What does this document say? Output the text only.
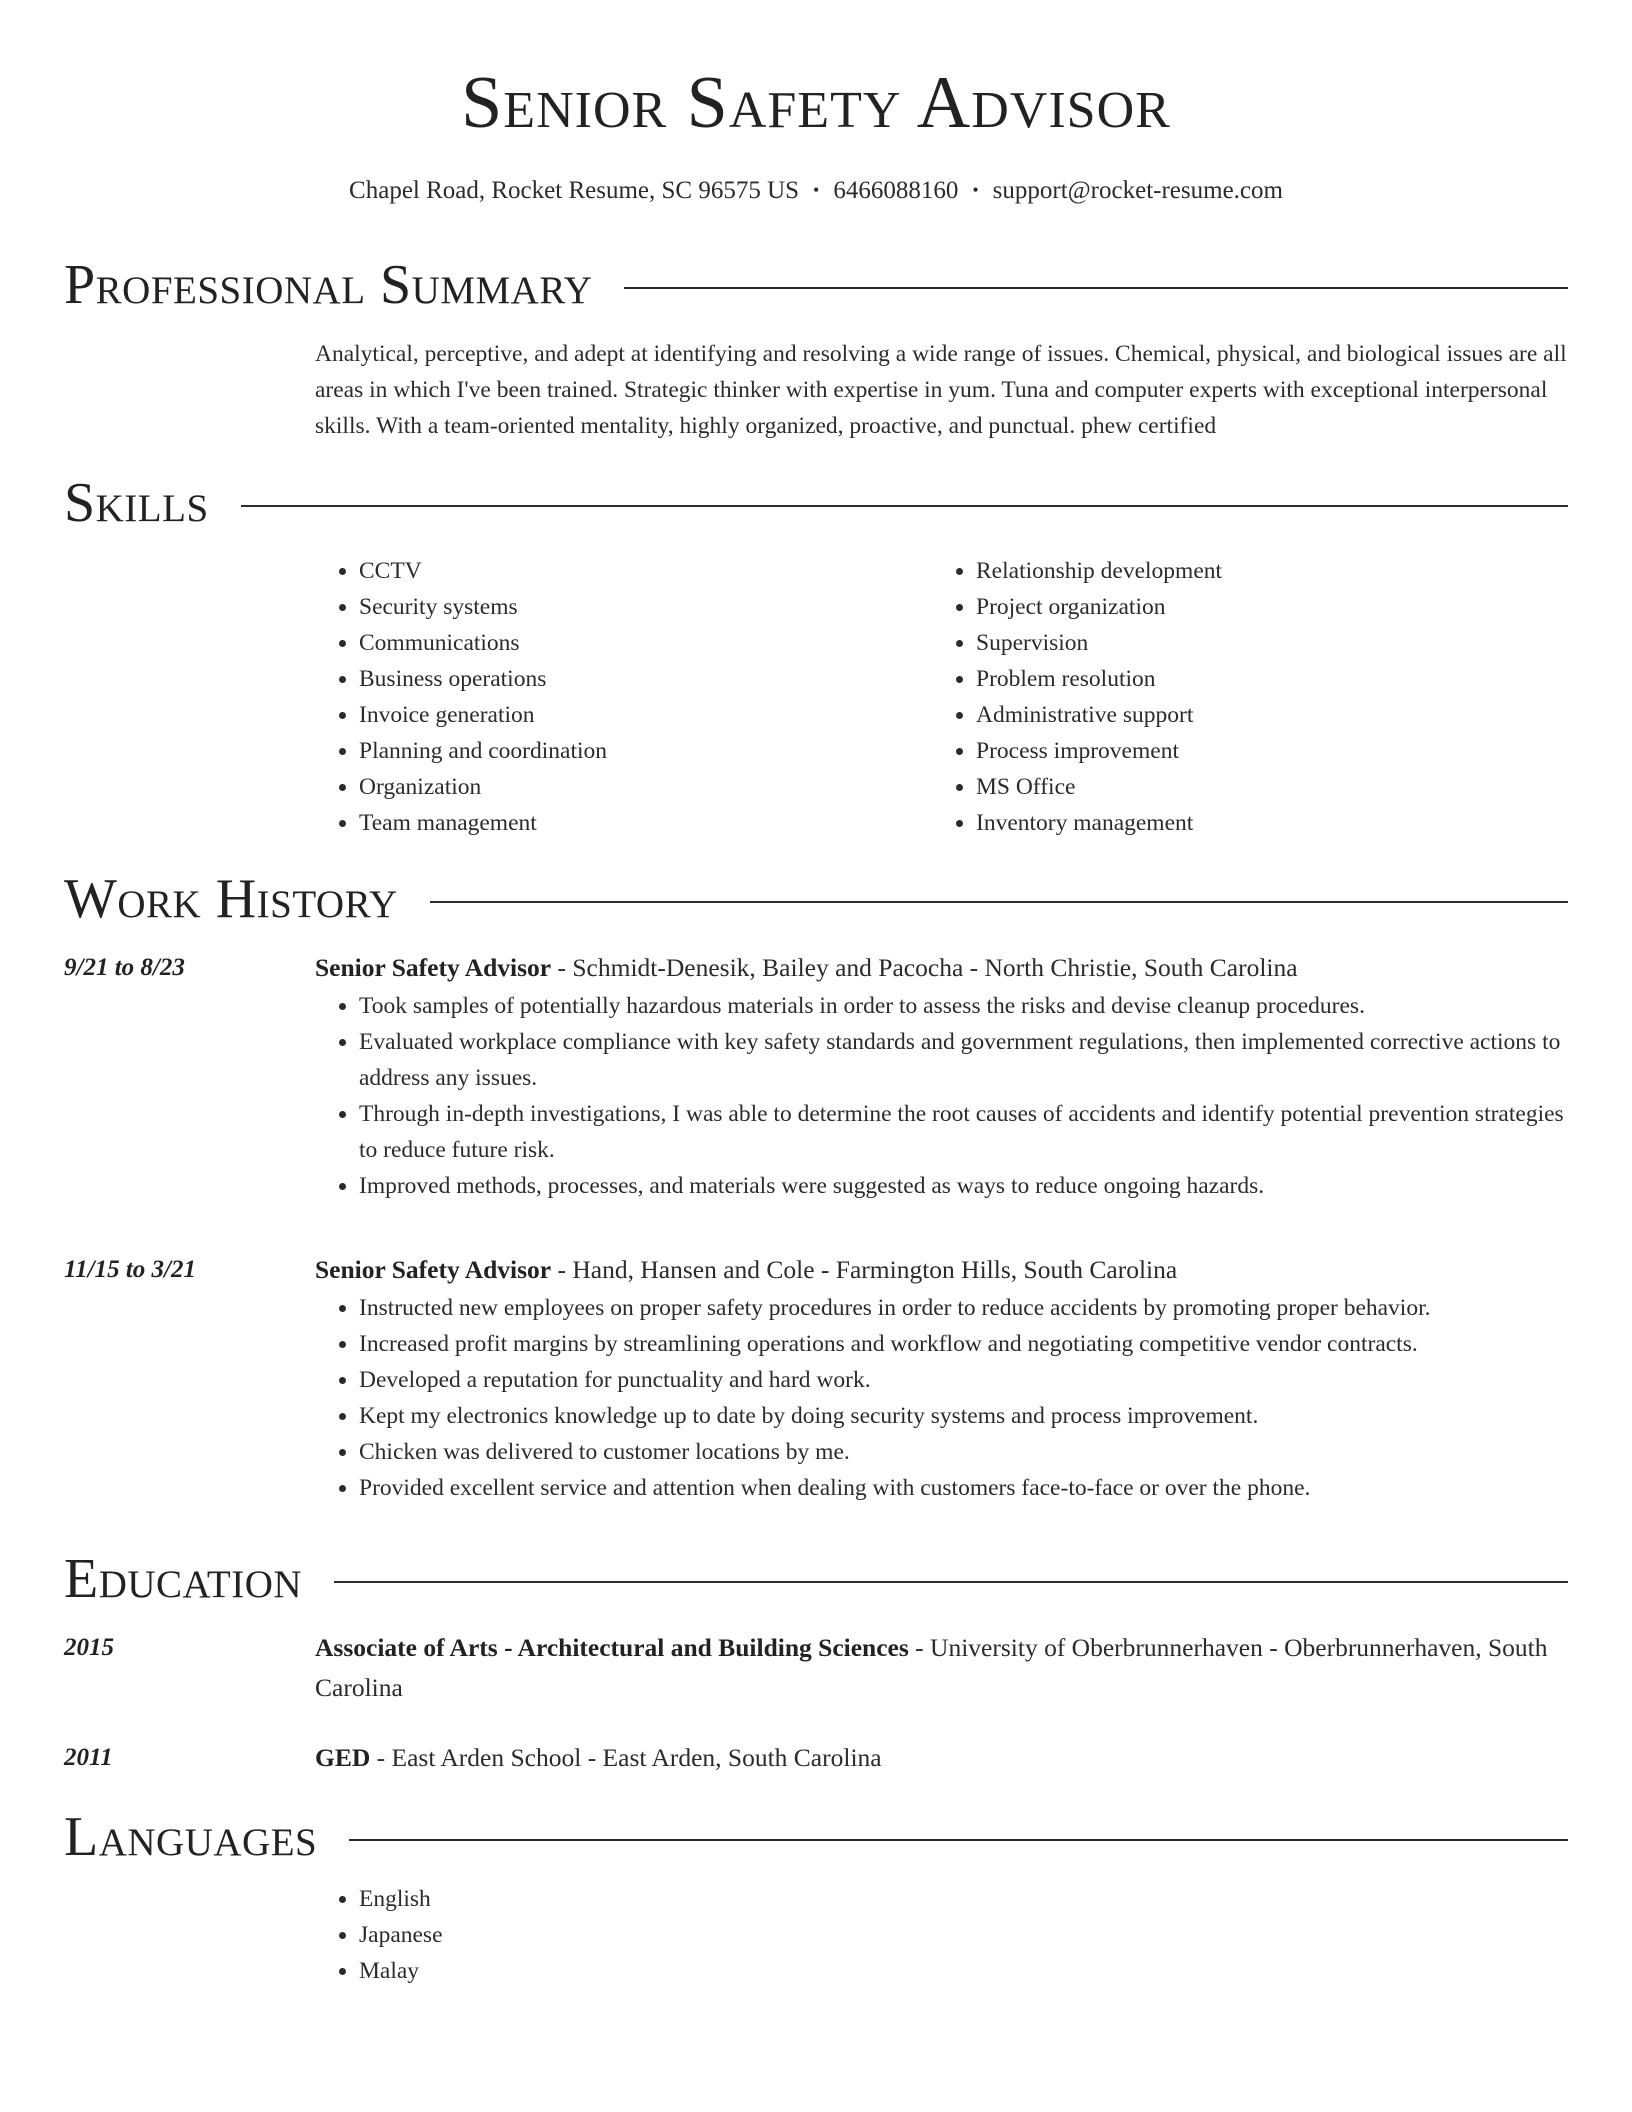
Senior Safety Advisor
Chapel Road, Rocket Resume, SC 96575 US • 6466088160 • support@rocket-resume.com
Professional Summary

Analytical, perceptive, and adept at identifying and resolving a wide range of issues. Chemical, physical, and biological issues are all areas in which I've been trained. Strategic thinker with expertise in yum. Tuna and computer experts with exceptional interpersonal skills. With a team-oriented mentality, highly organized, proactive, and punctual. phew certified

Skills
• CCTV
• Security systems
• Communications
• Business operations
• Invoice generation
• Planning and coordination
• Organization
• Team management
• Relationship development
• Project organization
• Supervision
• Problem resolution
• Administrative support
• Process improvement
• MS Office
• Inventory management
Work History
9/21 to 8/23	Senior Safety Advisor - Schmidt-Denesik, Bailey and Pacocha - North Christie, South Carolina

• Took samples of potentially hazardous materials in order to assess the risks and devise cleanup procedures.
• Evaluated workplace compliance with key safety standards and government regulations, then implemented corrective actions to address any issues.
• Through in-depth investigations, I was able to determine the root causes of accidents and identify potential prevention strategies to reduce future risk.
• Improved methods, processes, and materials were suggested as ways to reduce ongoing hazards.
11/15 to 3/21	Senior Safety Advisor - Hand, Hansen and Cole - Farmington Hills, South Carolina

• Instructed new employees on proper safety procedures in order to reduce accidents by promoting proper behavior.
• Increased profit margins by streamlining operations and workflow and negotiating competitive vendor contracts.
• Developed a reputation for punctuality and hard work.
• Kept my electronics knowledge up to date by doing security systems and process improvement.
• Chicken was delivered to customer locations by me.
• Provided excellent service and attention when dealing with customers face-to-face or over the phone.
Education
2015	Associate of Arts - Architectural and Building Sciences - University of Oberbrunnerhaven - Oberbrunnerhaven, South Carolina

2011	GED - East Arden School - East Arden, South Carolina

Languages
• English
• Japanese
• Malay
